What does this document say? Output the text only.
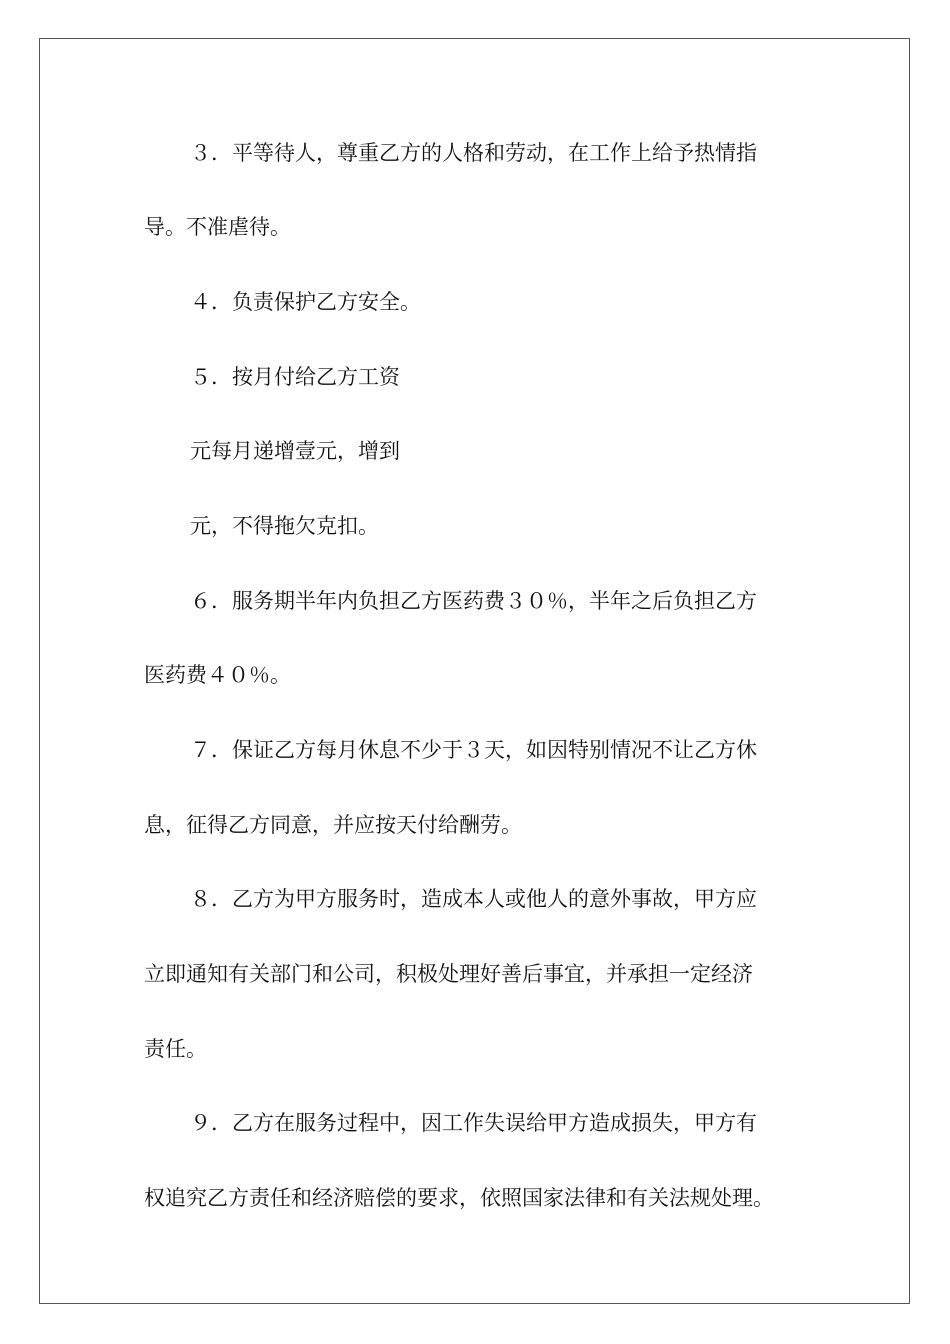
３．平等待人，尊重乙方的人格和劳动，在工作上给予热情指
导。不准虐待。
４．负责保护乙方安全。
５．按月付给乙方工资
元每月递增壹元，增到
元，不得拖欠克扣。
６．服务期半年内负担乙方医药费３０％，半年之后负担乙方
医药费４０％。
７．保证乙方每月休息不少于３天，如因特别情况不让乙方休
息，征得乙方同意，并应按天付给酬劳。
８．乙方为甲方服务时，造成本人或他人的意外事故，甲方应
立即通知有关部门和公司，积极处理好善后事宜，并承担一定经济
责任。
９．乙方在服务过程中，因工作失误给甲方造成损失，甲方有
权追究乙方责任和经济赔偿的要求，依照国家法律和有关法规处理。
